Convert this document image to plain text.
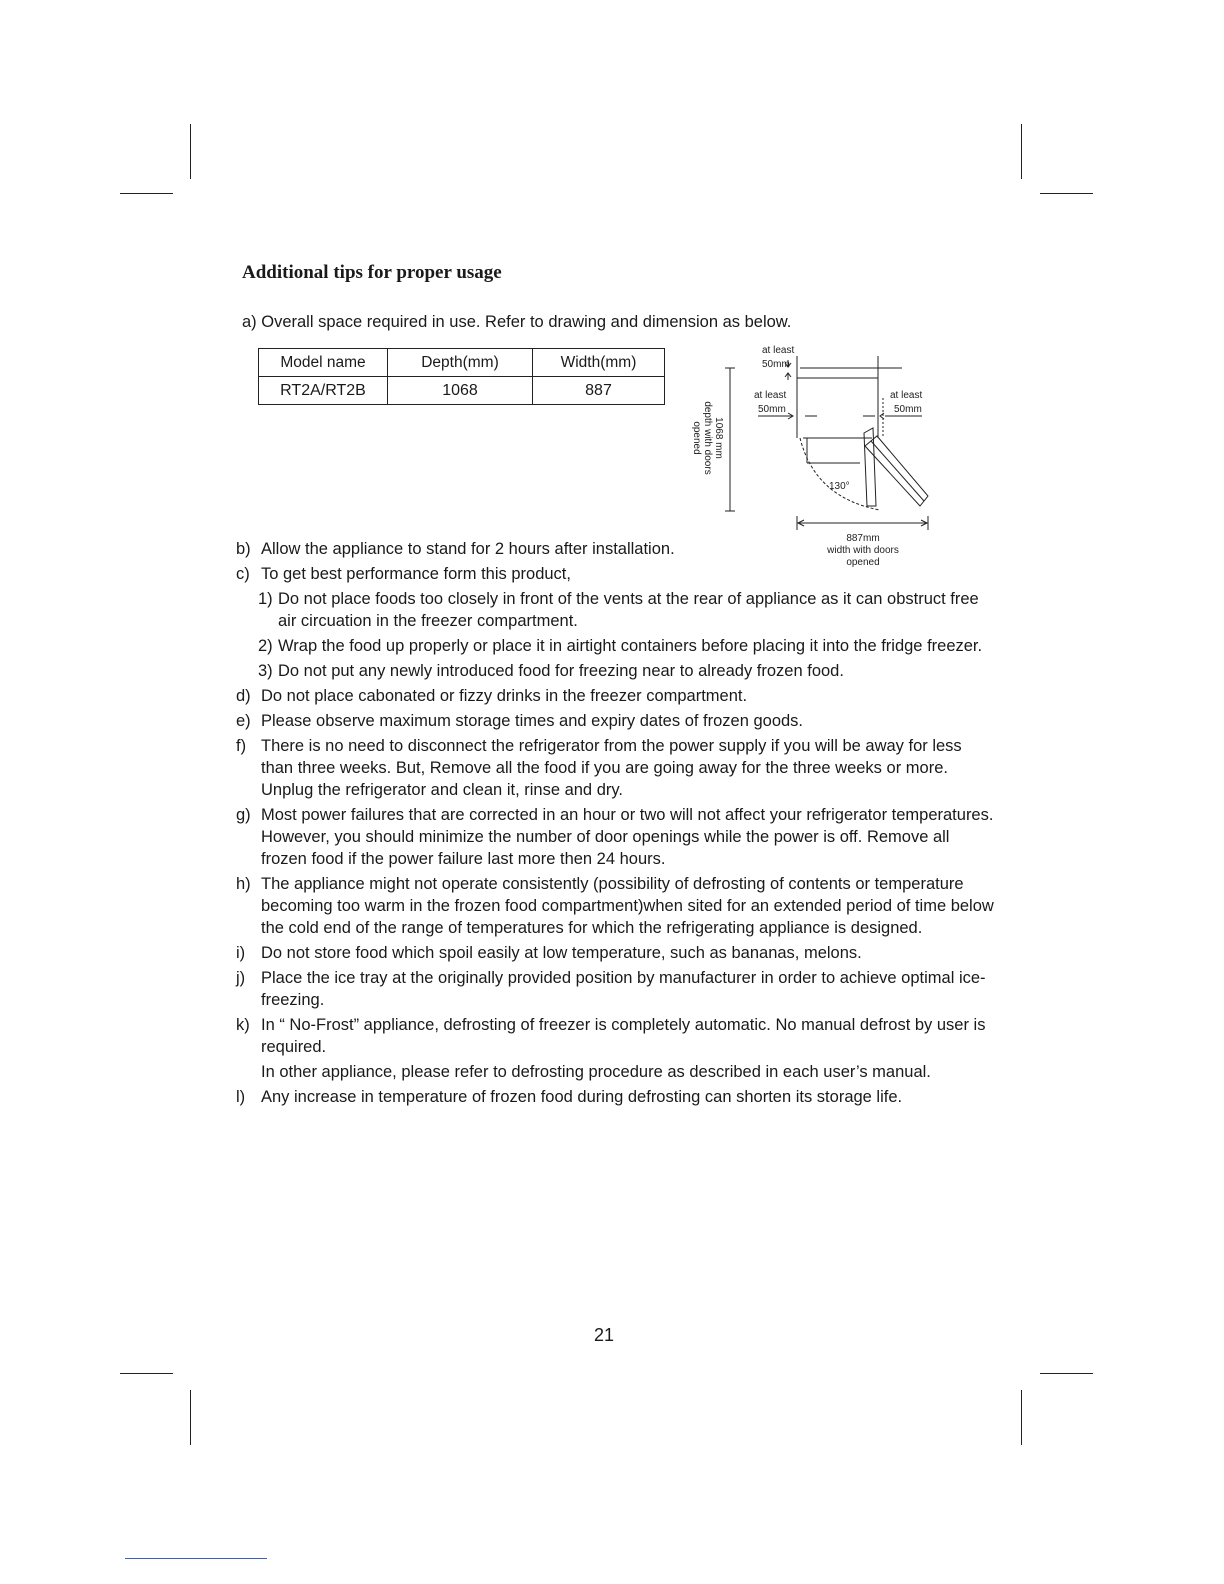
Additional tips for proper usage
a) Overall space required in use. Refer to drawing and dimension as below.
Model name	Depth(mm)	Width(mm)
RT2A/RT2B	1068	887
at least
50mm
at least
50mm
at least
50mm
130°
1068 mm
depth with doors
opened
887mm
width with doors
opened
b) Allow the appliance to stand for 2 hours after installation.
c) To get best performance form this product,
1) Do not place foods too closely in front of the vents at the rear of appliance as it can obstruct free air circuation in the freezer compartment.
2) Wrap the food up properly or place it in airtight containers before placing it into the fridge freezer.
3) Do not put any newly introduced food for freezing near to already frozen food.
d) Do not place cabonated or fizzy drinks in the freezer compartment.
e) Please observe maximum storage times and expiry dates of frozen goods.
f) There is no need to disconnect the refrigerator from the power supply if you will be away for less than three weeks. But, Remove all the food if you are going away for the three weeks or more. Unplug the refrigerator and clean it, rinse and dry.
g) Most power failures that are corrected in an hour or two will not affect your refrigerator temperatures. However, you should minimize the number of door openings while the power is off. Remove all frozen food if the power failure last more then 24 hours.
h) The appliance might not operate consistently (possibility of defrosting of contents or temperature becoming too warm in the frozen food compartment)when sited for an extended period of time below the cold end of the range of temperatures for which the refrigerating appliance is designed.
i) Do not store food which spoil easily at low temperature, such as bananas, melons.
j) Place the ice tray at the originally provided position by manufacturer in order to achieve optimal ice-freezing.
k) In “ No-Frost” appliance, defrosting of freezer is completely automatic. No manual defrost by user is required.
In other appliance, please refer to defrosting procedure as described in each user’s manual.
l) Any increase in temperature of frozen food during defrosting can shorten its storage life.
21
